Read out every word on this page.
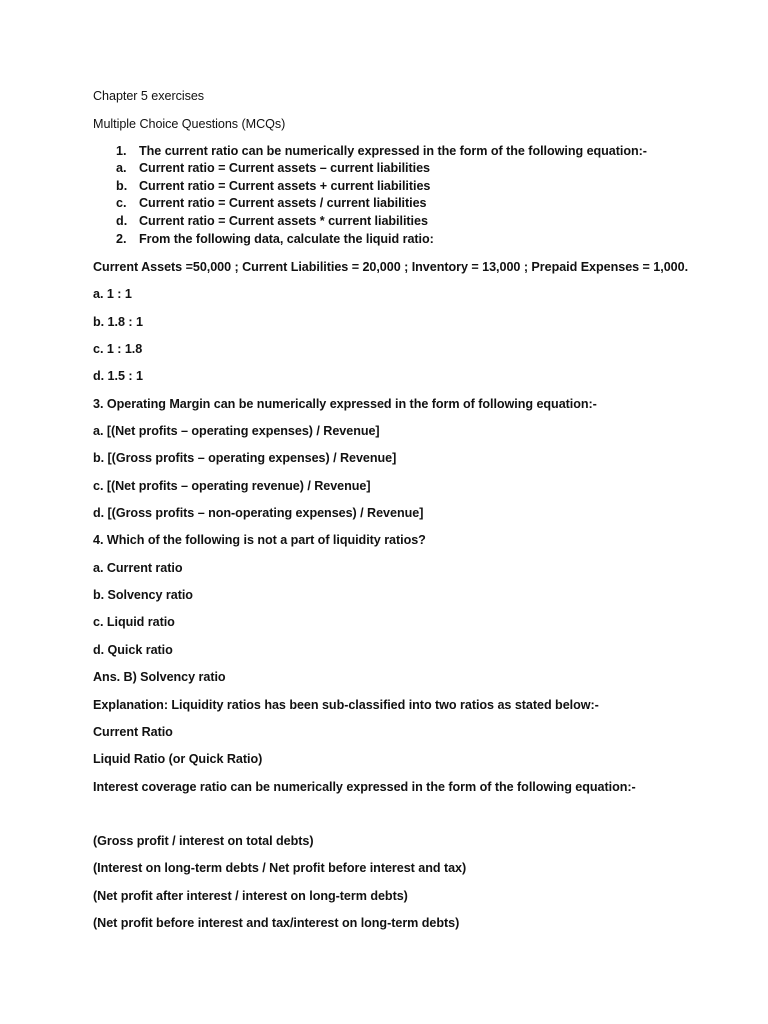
Chapter 5 exercises
Multiple Choice Questions (MCQs)
1. The current ratio can be numerically expressed in the form of the following equation:-
a. Current ratio = Current assets – current liabilities
b. Current ratio = Current assets + current liabilities
c. Current ratio = Current assets / current liabilities
d. Current ratio = Current assets * current liabilities
2. From the following data, calculate the liquid ratio:
Current Assets =50,000 ; Current Liabilities = 20,000 ; Inventory = 13,000 ; Prepaid Expenses = 1,000.
a. 1 : 1
b. 1.8 : 1
c. 1 : 1.8
d. 1.5 : 1
3. Operating Margin can be numerically expressed in the form of following equation:-
a. [(Net profits – operating expenses) / Revenue]
b. [(Gross profits – operating expenses) / Revenue]
c. [(Net profits – operating revenue) / Revenue]
d. [(Gross profits – non-operating expenses) / Revenue]
4. Which of the following is not a part of liquidity ratios?
a. Current ratio
b. Solvency ratio
c. Liquid ratio
d. Quick ratio
Ans. B) Solvency ratio
Explanation: Liquidity ratios has been sub-classified into two ratios as stated below:-
Current Ratio
Liquid Ratio (or Quick Ratio)
Interest coverage ratio can be numerically expressed in the form of the following equation:-
(Gross profit / interest on total debts)
(Interest on long-term debts / Net profit before interest and tax)
(Net profit after interest / interest on long-term debts)
(Net profit before interest and tax/interest on long-term debts)
